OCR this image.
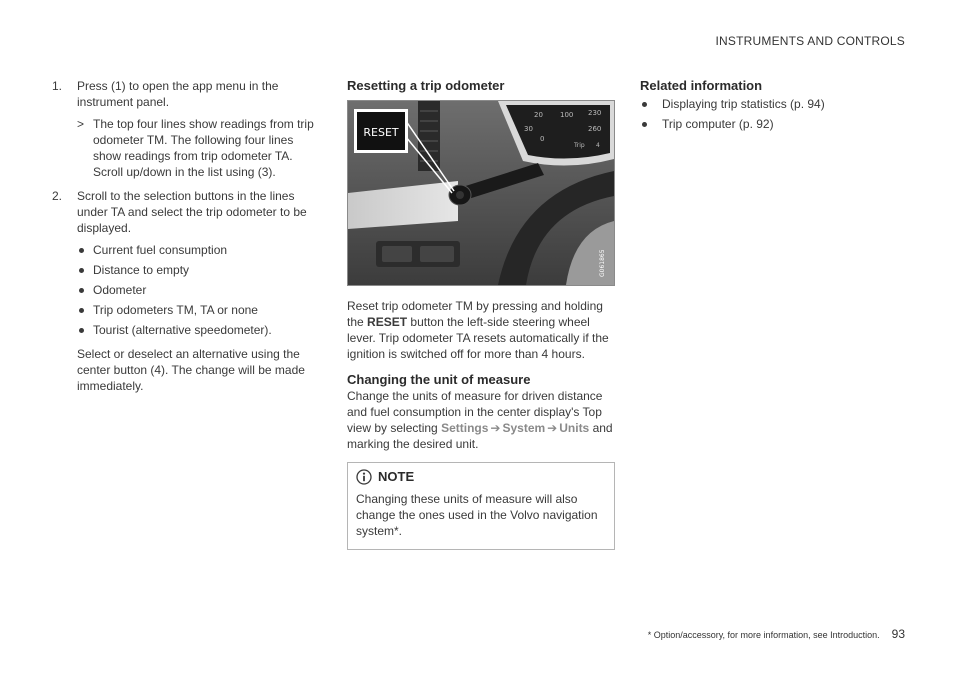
INSTRUMENTS AND CONTROLS
1. Press (1) to open the app menu in the instrument panel.
> The top four lines show readings from trip odometer TM. The following four lines show readings from trip odometer TA. Scroll up/down in the list using (3).
2. Scroll to the selection buttons in the lines under TA and select the trip odometer to be displayed.
Current fuel consumption
Distance to empty
Odometer
Trip odometers TM, TA or none
Tourist (alternative speedometer).
Select or deselect an alternative using the center button (4). The change will be made immediately.
Resetting a trip odometer
20
30
0
100 230
260
Trip 4
RESET
G061865
Reset trip odometer TM by pressing and holding the RESET button the left-side steering wheel lever. Trip odometer TA resets automatically if the ignition is switched off for more than 4 hours.
Changing the unit of measure
Change the units of measure for driven distance and fuel consumption in the center display's Top view by selecting Settings ➔ System ➔ Units and marking the desired unit.
NOTE
Changing these units of measure will also change the ones used in the Volvo navigation system*.
Related information
Displaying trip statistics (p. 94)
Trip computer (p. 92)
* Option/accessory, for more information, see Introduction. 93
